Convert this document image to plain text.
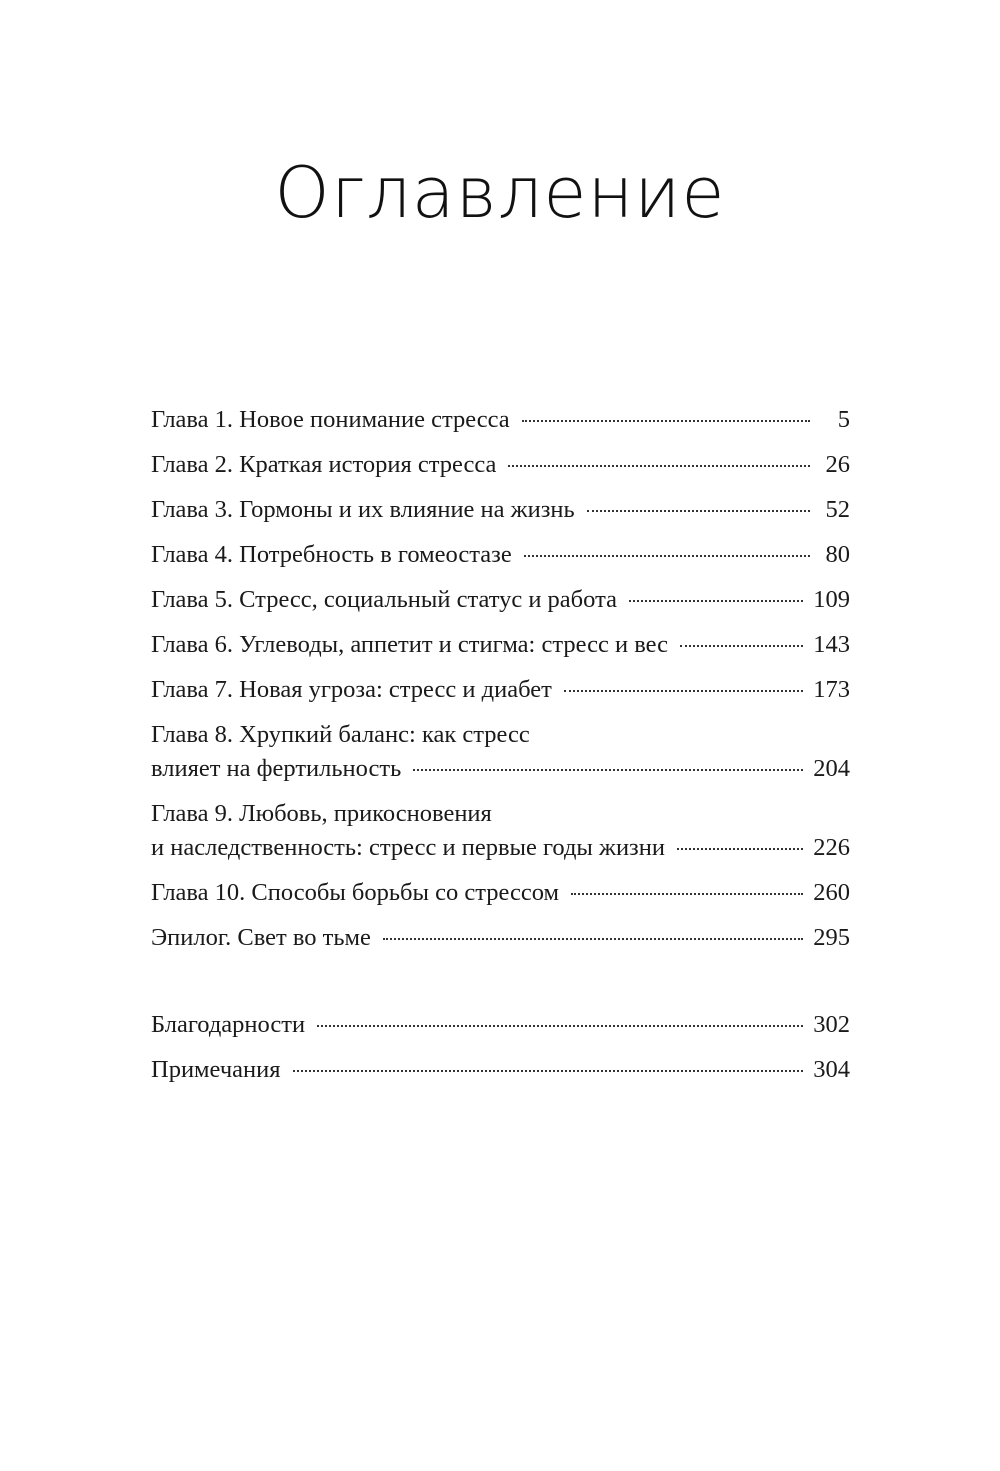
Оглавление
Глава 1. Новое понимание стресса	5
Глава 2. Краткая история стресса	26
Глава 3. Гормоны и их влияние на жизнь	52
Глава 4. Потребность в гомеостазе	80
Глава 5. Стресс, социальный статус и работа	109
Глава 6. Углеводы, аппетит и стигма: стресс и вес	143
Глава 7. Новая угроза: стресс и диабет	173
Глава 8. Хрупкий баланс: как стресс
влияет на фертильность	204
Глава 9. Любовь, прикосновения
и наследственность: стресс и первые годы жизни	226
Глава 10. Способы борьбы со стрессом	260
Эпилог. Свет во тьме	295
Благодарности	302
Примечания	304
